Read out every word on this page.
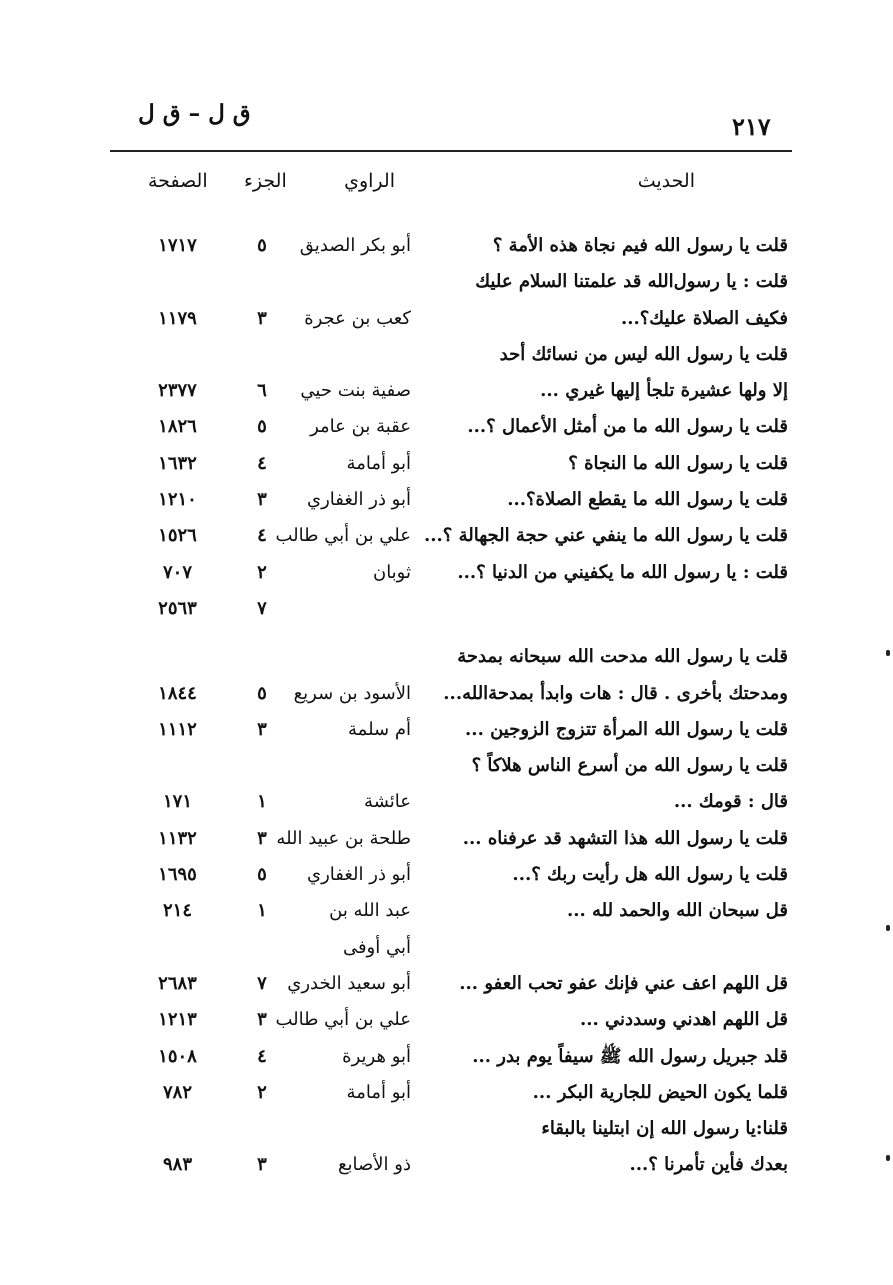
٢١٧
ق ل – ق ل
الحديث
الراوي
الجزء
الصفحة
قلت يا رسول الله فيم نجاة هذه الأمة ؟
أبو بكر الصديق
٥
١٧١٧
قلت : يا رسول‌الله قد علمتنا السلام عليك
فكيف الصلاة عليك؟...
كعب بن عجرة
٣
١١٧٩
قلت يا رسول الله ليس من نسائك أحد
إلا ولها عشيرة تلجأ إليها غيري ...
صفية بنت حيي
٦
٢٣٧٧
قلت يا رسول الله ما من أمثل الأعمال ؟...
عقبة بن عامر
٥
١٨٢٦
قلت يا رسول الله ما النجاة ؟
أبو أمامة
٤
١٦٣٢
قلت يا رسول الله ما يقطع الصلاة؟...
أبو ذر الغفاري
٣
١٢١٠
قلت يا رسول الله ما ينفي عني حجة الجهالة ؟...
علي بن أبي طالب
٤
١٥٢٦
قلت : يا رسول الله ما يكفيني من الدنيا ؟...
ثوبان
٢
٧٠٧
٧
٢٥٦٣
قلت يا رسول الله مدحت الله سبحانه بمدحة
ومدحتك بأخرى . قال : هات وابدأ بمدحة‌الله...
الأسود بن سريع
٥
١٨٤٤
قلت يا رسول الله المرأة تتزوج الزوجين ...
أم سلمة
٣
١١١٢
قلت يا رسول الله من أسرع الناس هلاكاً ؟
قال : قومك ...
عائشة
١
١٧١
قلت يا رسول الله هذا التشهد قد عرفناه ...
طلحة بن عبيد الله
٣
١١٣٢
قلت يا رسول الله هل رأيت ربك ؟...
أبو ذر الغفاري
٥
١٦٩٥
قل سبحان الله والحمد لله ...
عبد الله بن
١
٢١٤
أبي أوفى
قل اللهم اعف عني فإنك عفو تحب العفو ...
أبو سعيد الخدري
٧
٢٦٨٣
قل اللهم اهدني وسددني ...
علي بن أبي طالب
٣
١٢١٣
قلد جبريل رسول الله ﷺ سيفاً يوم بدر ...
أبو هريرة
٤
١٥٠٨
قلما يكون الحيض للجارية البكر ...
أبو أمامة
٢
٧٨٢
قلنا:يا رسول الله إن ابتلينا بالبقاء
بعدك فأين تأمرنا ؟...
ذو الأصابع
٣
٩٨٣
